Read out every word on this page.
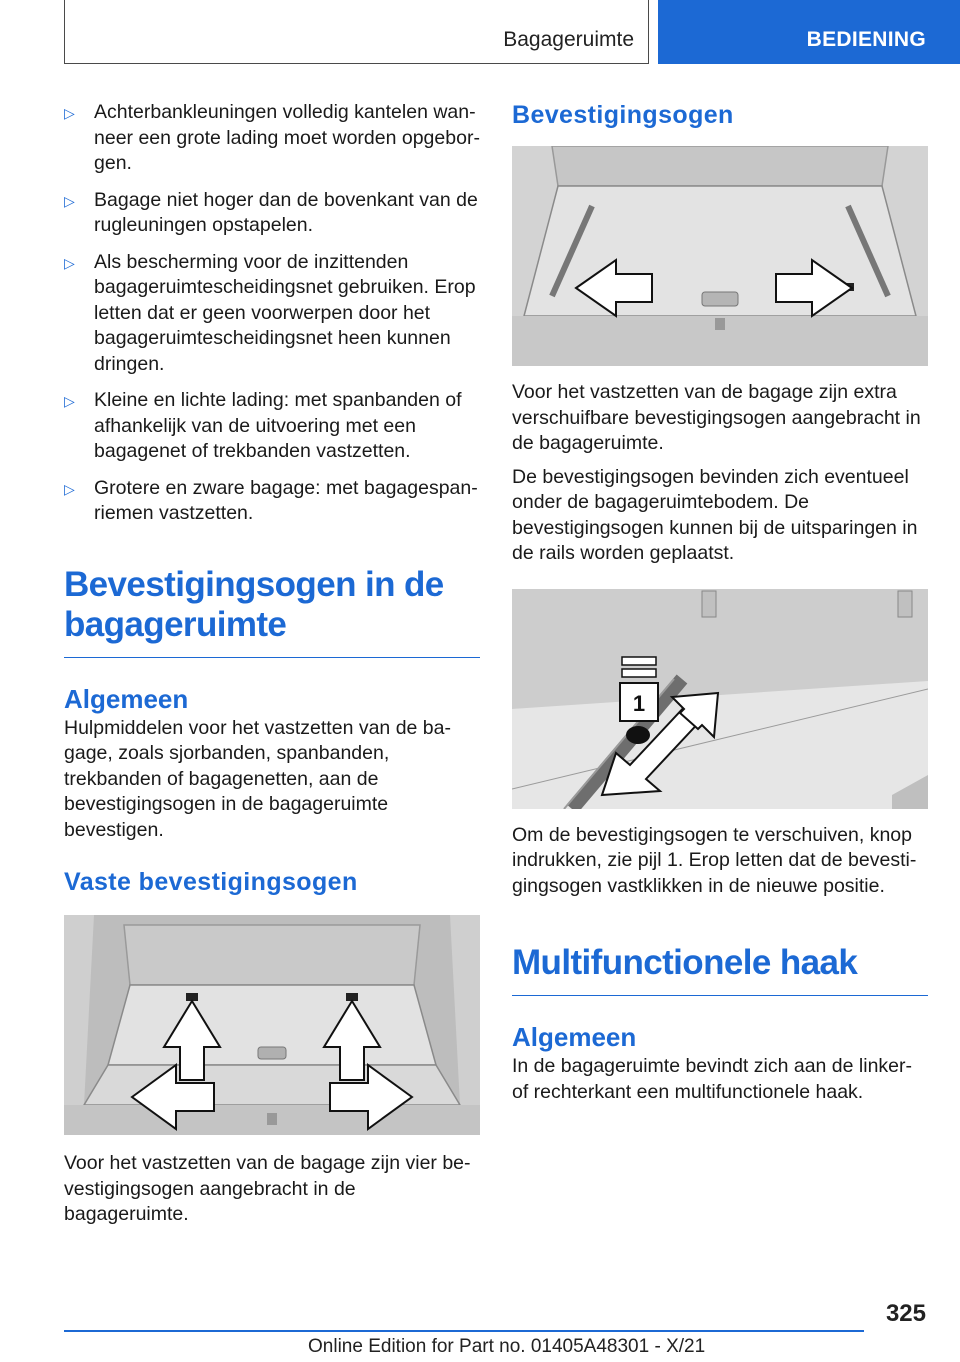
Bagageruimte	BEDIENING
▷ Achterbankleuningen volledig kantelen wanneer een grote lading moet worden opgeborgen.
▷ Bagage niet hoger dan de bovenkant van de rugleuningen opstapelen.
▷ Als bescherming voor de inzittenden bagageruimtescheidingsnet gebruiken. Erop letten dat er geen voorwerpen door het bagageruimtescheidingsnet heen kunnen dringen.
▷ Kleine en lichte lading: met spanbanden of afhankelijk van de uitvoering met een bagagenet of trekbanden vastzetten.
▷ Grotere en zware bagage: met bagagespanriemen vastzetten.
Bevestigingsogen in de bagageruimte
Algemeen

Hulpmiddelen voor het vastzetten van de bagage, zoals sjorbanden, spanbanden, trekbanden of bagagenetten, aan de bevestigingsogen in de bagageruimte bevestigen.

Vaste bevestigingsogen

Voor het vastzetten van de bagage zijn vier bevestigingsogen aangebracht in de bagageruimte.

Bevestigingsogen

Voor het vastzetten van de bagage zijn extra verschuifbare bevestigingsogen aangebracht in de bagageruimte.

De bevestigingsogen bevinden zich eventueel onder de bagageruimtebodem. De bevestigingsogen kunnen bij de uitsparingen in de rails worden geplaatst.

1

Om de bevestigingsogen te verschuiven, knop indrukken, zie pijl 1. Erop letten dat de bevestigingsogen vastklikken in de nieuwe positie.

Multifunctionele haak
Algemeen

In de bagageruimte bevindt zich aan de linker- of rechterkant een multifunctionele haak.

325
Online Edition for Part no. 01405A48301 - X/21
